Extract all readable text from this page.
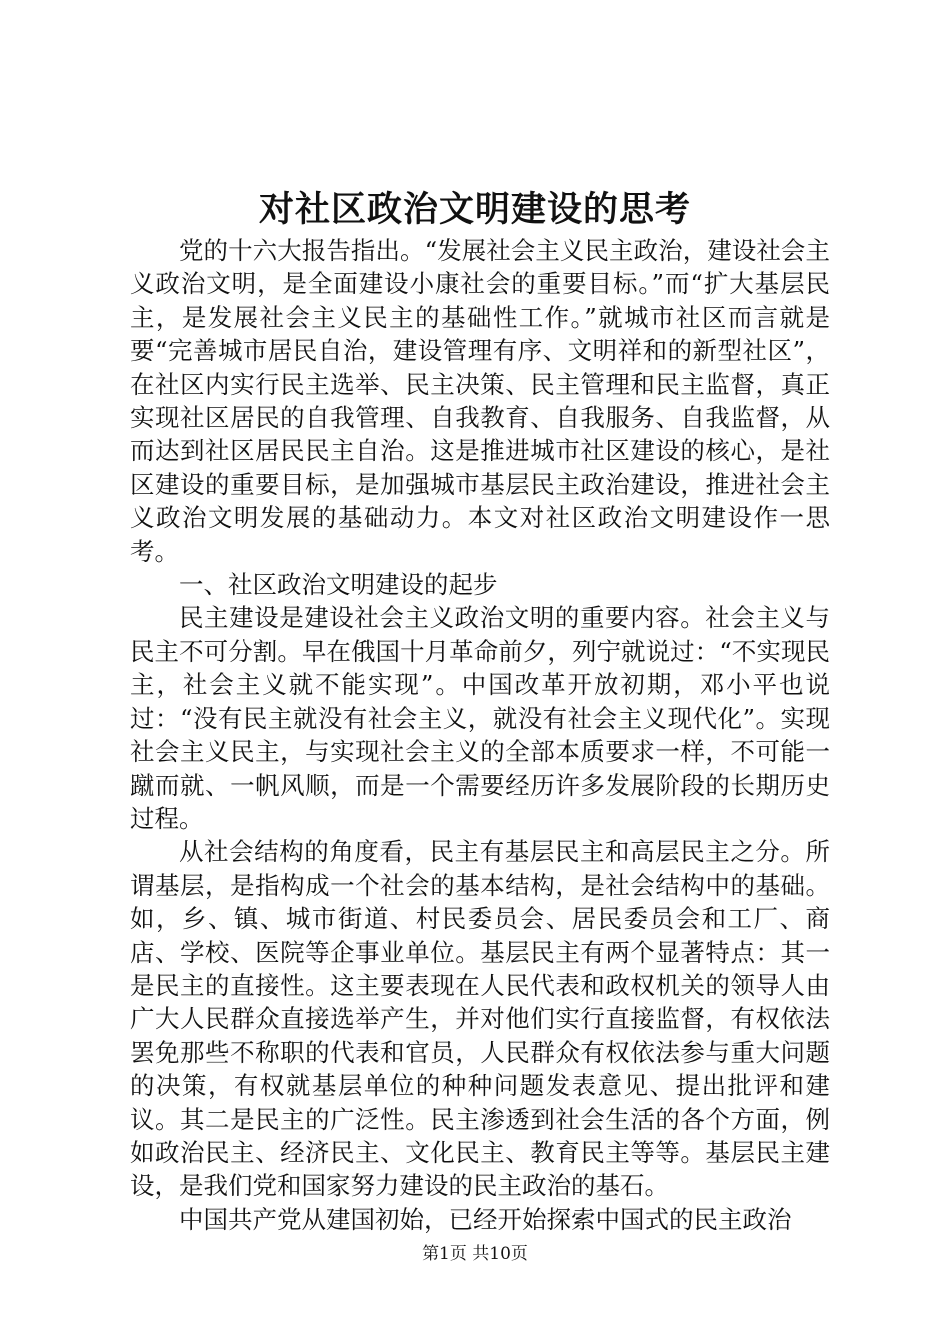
对社区政治文明建设的思考

党的十六大报告指出。“发展社会主义民主政治，建设社会主义政治文明，是全面建设小康社会的重要目标。”而“扩大基层民主，是发展社会主义民主的基础性工作。”就城市社区而言就是要“完善城市居民自治，建设管理有序、文明祥和的新型社区”，在社区内实行民主选举、民主决策、民主管理和民主监督，真正实现社区居民的自我管理、自我教育、自我服务、自我监督，从而达到社区居民民主自治。这是推进城市社区建设的核心，是社区建设的重要目标，是加强城市基层民主政治建设，推进社会主义政治文明发展的基础动力。本文对社区政治文明建设作一思考。

一、社区政治文明建设的起步

民主建设是建设社会主义政治文明的重要内容。社会主义与民主不可分割。早在俄国十月革命前夕，列宁就说过：“不实现民主，社会主义就不能实现”。中国改革开放初期，邓小平也说过：“没有民主就没有社会主义，就没有社会主义现代化”。实现社会主义民主，与实现社会主义的全部本质要求一样，不可能一蹴而就、一帆风顺，而是一个需要经历许多发展阶段的长期历史过程。

从社会结构的角度看，民主有基层民主和高层民主之分。所谓基层，是指构成一个社会的基本结构，是社会结构中的基础。如，乡、镇、城市街道、村民委员会、居民委员会和工厂、商店、学校、医院等企事业单位。基层民主有两个显著特点：其一是民主的直接性。这主要表现在人民代表和政权机关的领导人由广大人民群众直接选举产生，并对他们实行直接监督，有权依法罢免那些不称职的代表和官员，人民群众有权依法参与重大问题的决策，有权就基层单位的种种问题发表意见、提出批评和建议。其二是民主的广泛性。民主渗透到社会生活的各个方面，例如政治民主、经济民主、文化民主、教育民主等等。基层民主建设，是我们党和国家努力建设的民主政治的基石。

中国共产党从建国初始，已经开始探索中国式的民主政治

第1页 共10页
